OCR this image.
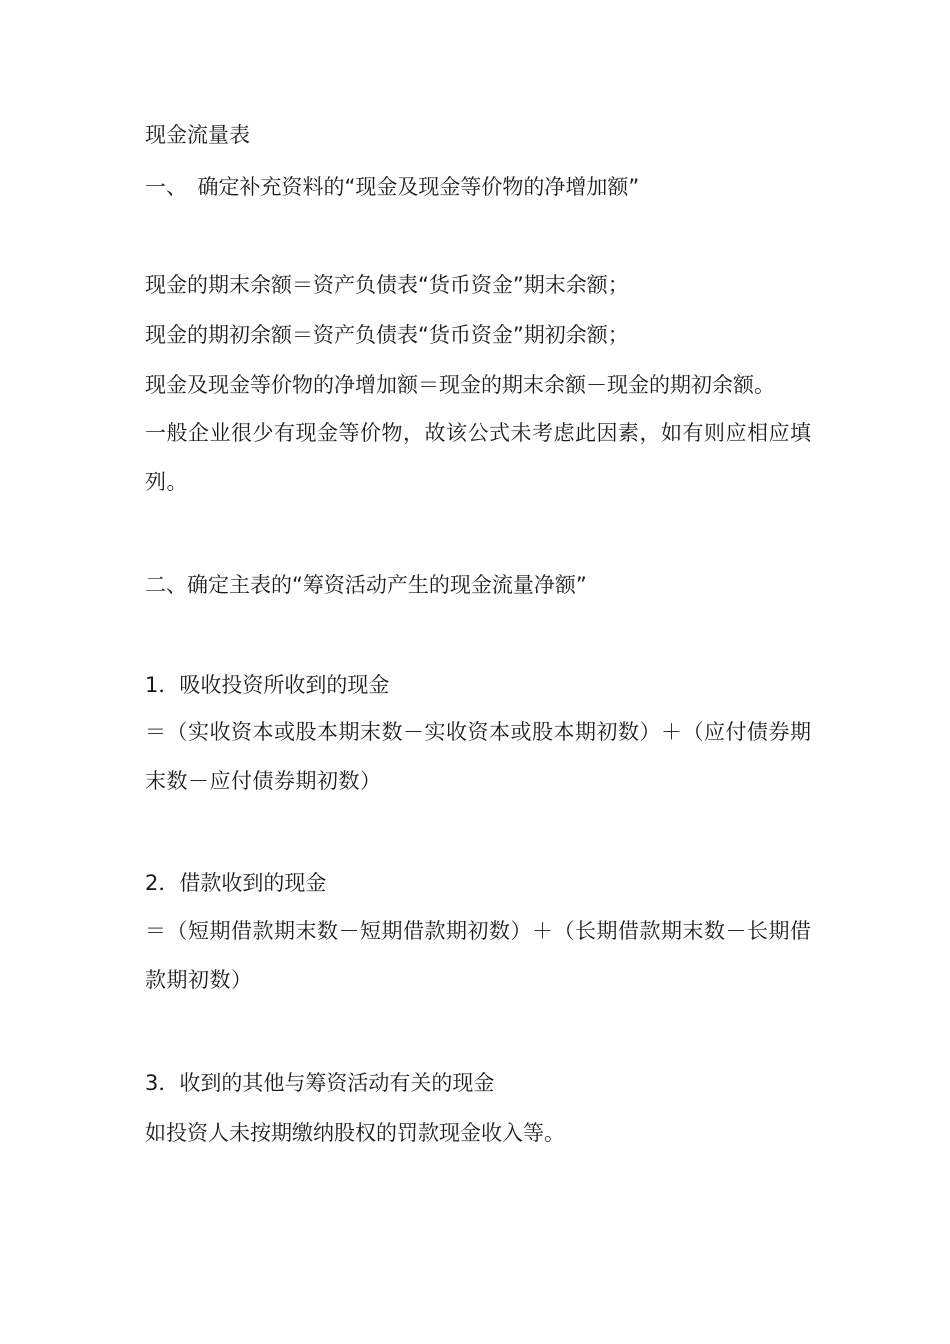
现金流量表
一、　确定补充资料的“现金及现金等价物的净增加额”
现金的期末余额＝资产负债表“货币资金”期末余额；
现金的期初余额＝资产负债表“货币资金”期初余额；
现金及现金等价物的净增加额＝现金的期末余额－现金的期初余额。
一般企业很少有现金等价物，故该公式未考虑此因素，如有则应相应填列。
二、确定主表的“筹资活动产生的现金流量净额”
1．吸收投资所收到的现金
＝（实收资本或股本期末数－实收资本或股本期初数）＋（应付债券期末数－应付债券期初数）
2．借款收到的现金
＝（短期借款期末数－短期借款期初数）＋（长期借款期末数－长期借款期初数）
3．收到的其他与筹资活动有关的现金
如投资人未按期缴纳股权的罚款现金收入等。
